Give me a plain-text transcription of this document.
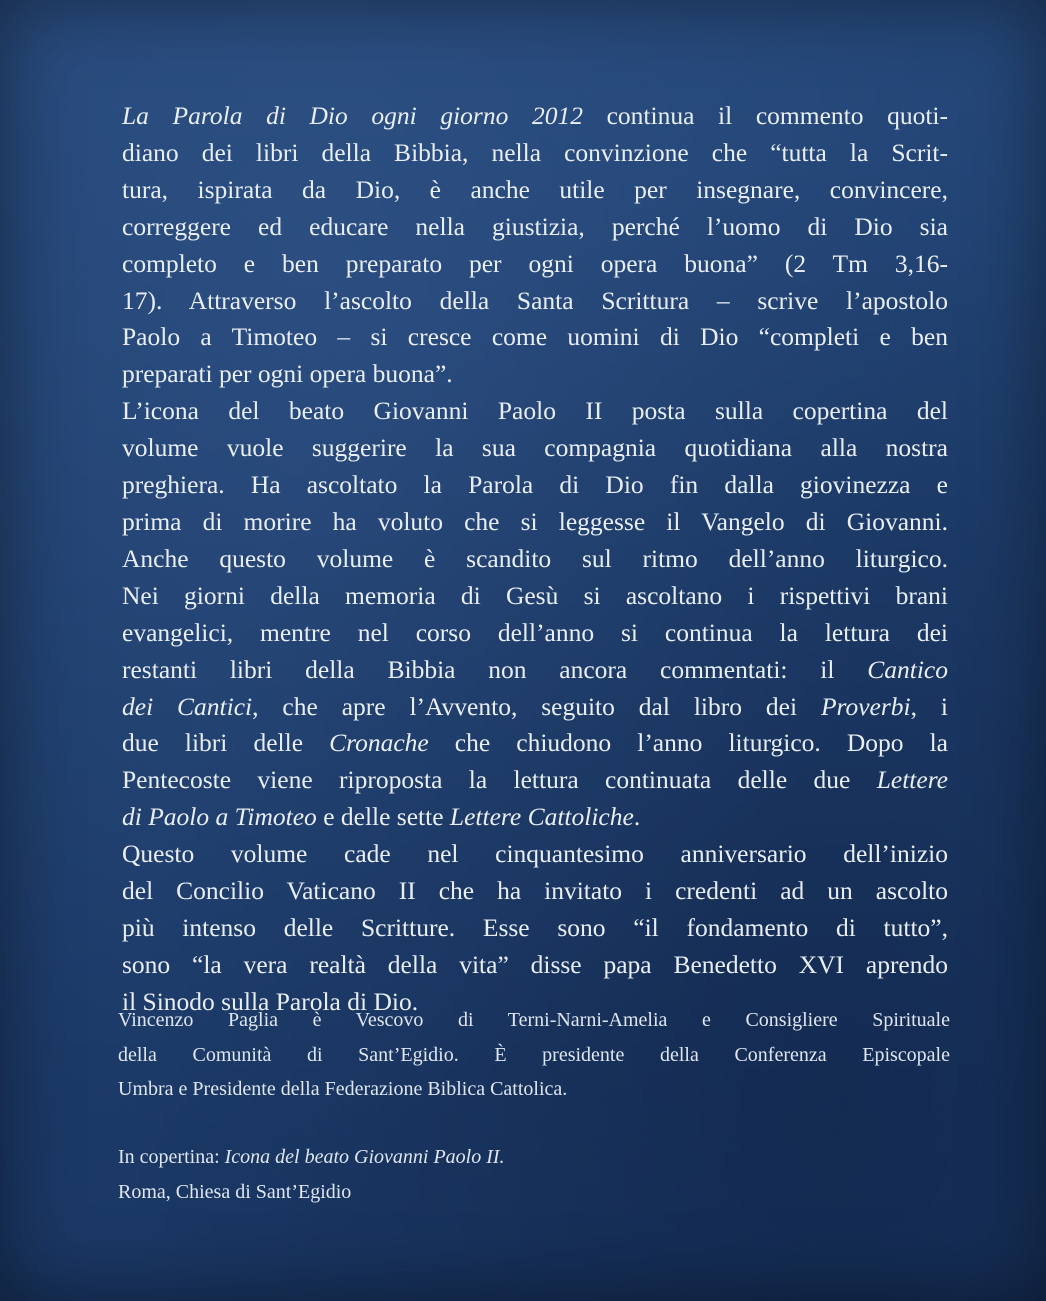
La Parola di Dio ogni giorno 2012 continua il commento quoti-
diano dei libri della Bibbia, nella convinzione che “tutta la Scrit-
tura, ispirata da Dio, è anche utile per insegnare, convincere,
correggere ed educare nella giustizia, perché l’uomo di Dio sia
completo e ben preparato per ogni opera buona” (2 Tm 3,16-
17). Attraverso l’ascolto della Santa Scrittura – scrive l’apostolo
Paolo a Timoteo – si cresce come uomini di Dio “completi e ben
preparati per ogni opera buona”.
L’icona del beato Giovanni Paolo II posta sulla copertina del
volume vuole suggerire la sua compagnia quotidiana alla nostra
preghiera. Ha ascoltato la Parola di Dio fin dalla giovinezza e
prima di morire ha voluto che si leggesse il Vangelo di Giovanni.
Anche questo volume è scandito sul ritmo dell’anno liturgico.
Nei giorni della memoria di Gesù si ascoltano i rispettivi brani
evangelici, mentre nel corso dell’anno si continua la lettura dei
restanti libri della Bibbia non ancora commentati: il Cantico
dei Cantici, che apre l’Avvento, seguito dal libro dei Proverbi, i
due libri delle Cronache che chiudono l’anno liturgico. Dopo la
Pentecoste viene riproposta la lettura continuata delle due Lettere
di Paolo a Timoteo e delle sette Lettere Cattoliche.
Questo volume cade nel cinquantesimo anniversario dell’inizio
del Concilio Vaticano II che ha invitato i credenti ad un ascolto
più intenso delle Scritture. Esse sono “il fondamento di tutto”,
sono “la vera realtà della vita” disse papa Benedetto XVI aprendo
il Sinodo sulla Parola di Dio.
Vincenzo Paglia è Vescovo di Terni-Narni-Amelia e Consigliere Spirituale
della Comunità di Sant’Egidio. È presidente della Conferenza Episcopale
Umbra e Presidente della Federazione Biblica Cattolica.
In copertina: Icona del beato Giovanni Paolo II.
Roma, Chiesa di Sant’Egidio
